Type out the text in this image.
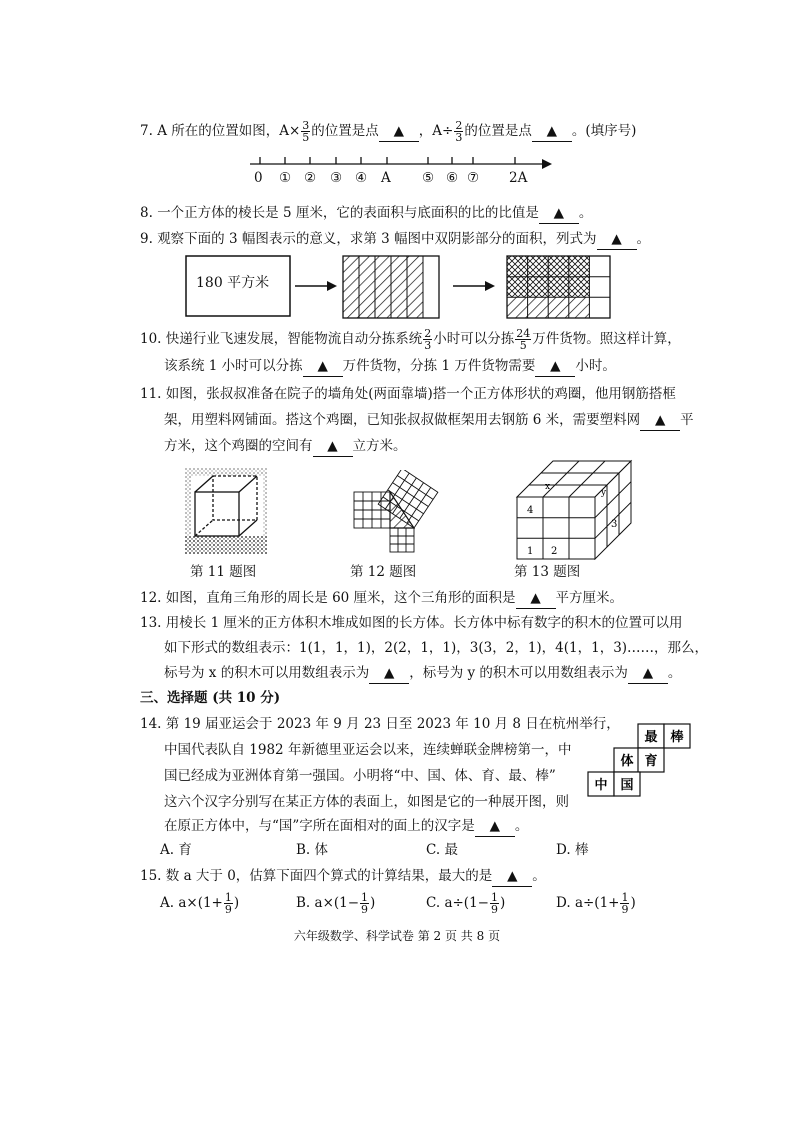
7. A 所在的位置如图，$A\times \frac{3}{5}$ 的位置是点 ▲ ，$A\div \frac{2}{3}$ 的位置是点 ▲ 。(填序号)
0 ① ② ③ ④ A ⑤ ⑥ ⑦ 2A
8. 一个正方体的棱长是 5 厘米，它的表面积与底面积的比的比值是 ▲ 。
9. 观察下面的 3 幅图表示的意义，求第 3 幅图中双阴影部分的面积，列式为 ▲ 。
180 平方米
10. 快递行业飞速发展，智能物流自动分拣系统 $\frac{2}{3}$ 小时可以分拣 $\frac{24}{5}$ 万件货物。照这样计算，
该系统 1 小时可以分拣 ▲ 万件货物，分拣 1 万件货物需要 ▲ 小时。
11. 如图，张叔叔准备在院子的墙角处(两面靠墙)搭一个正方体形状的鸡圈，他用钢筋搭框
架，用塑料网铺面。搭这个鸡圈，已知张叔叔做框架用去钢筋 6 米，需要塑料网 ▲ 平
方米，这个鸡圈的空间有 ▲ 立方米。
x
y
4
1 2
3
第 11 题图	第 12 题图	第 13 题图
12. 如图，直角三角形的周长是 60 厘米，这个三角形的面积是 ▲ 平方厘米。
13. 用棱长 1 厘米的正方体积木堆成如图的长方体。长方体中标有数字的积木的位置可以用
如下形式的数组表示：1(1，1，1)，2(2，1，1)，3(3，2，1)，4(1，1，3)……，那么，
标号为 x 的积木可以用数组表示为 ▲ ，标号为 y 的积木可以用数组表示为 ▲ 。
三、选择题 (共 10 分)
14. 第 19 届亚运会于 2023 年 9 月 23 日至 2023 年 10 月 8 日在杭州举行，
中国代表队自 1982 年新德里亚运会以来，连续蝉联金牌榜第一，中
国已经成为亚洲体育第一强国。小明将“中、国、体、育、最、棒”
这六个汉字分别写在某正方体的表面上，如图是它的一种展开图，则
在原正方体中，与“国”字所在面相对的面上的汉字是 ▲ 。
最 棒
体 育
中 国
A. 育	B. 体	C. 最	D. 棒
15. 数 a 大于 0，估算下面四个算式的计算结果，最大的是 ▲ 。
A. $a\times(1+ \frac{1}{9}$ )	B. $a\times(1- \frac{1}{9}$ )	C. $a\div(1- \frac{1}{9}$ )	D. $a\div(1+ \frac{1}{9}$ )
六年级数学、科学试卷 第 2 页 共 8 页
